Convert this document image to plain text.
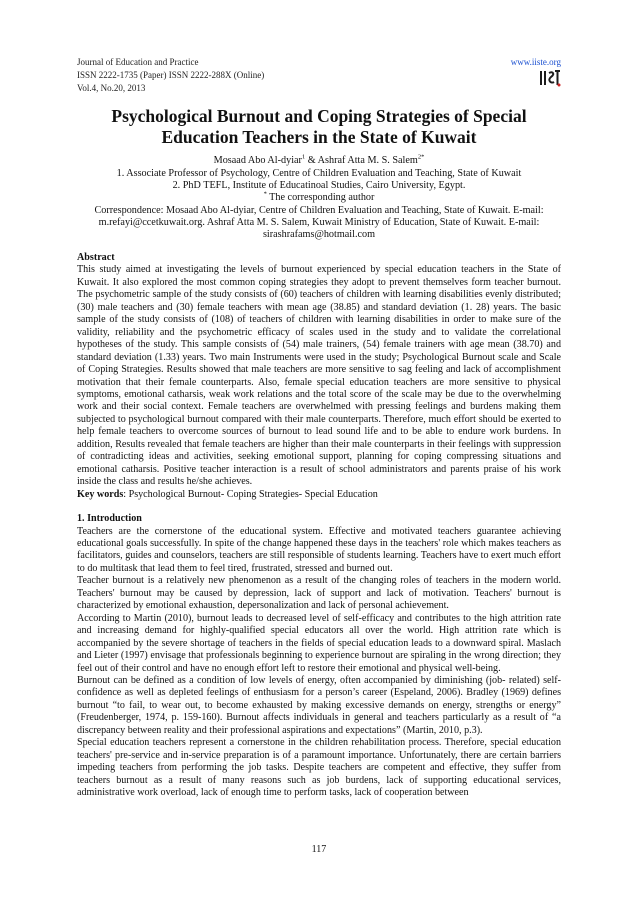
Journal of Education and Practice
ISSN 2222-1735 (Paper) ISSN 2222-288X (Online)
Vol.4, No.20, 2013
www.iiste.org
Psychological Burnout and Coping Strategies of Special Education Teachers in the State of Kuwait
Mosaad Abo Al-dyiar$^1$ & Ashraf Atta M. S. Salem$^{2*}$

1. Associate Professor of Psychology, Centre of Children Evaluation and Teaching, State of Kuwait

2. PhD TEFL, Institute of Educatinoal Studies, Cairo University, Egypt.

* The corresponding author

Correspondence: Mosaad Abo Al-dyiar, Centre of Children Evaluation and Teaching, State of Kuwait. E-mail: m.refayi@ccetkuwait.org. Ashraf Atta M. S. Salem, Kuwait Ministry of Education, State of Kuwait. E-mail: sirashrafams@hotmail.com

Abstract

This study aimed at investigating the levels of burnout experienced by special education teachers in the State of Kuwait. It also explored the most common coping strategies they adopt to prevent themselves form teacher burnout. The psychometric sample of the study consists of (60) teachers of children with learning disabilities evenly distributed; (30) male teachers and (30) female teachers with mean age (38.85) and standard deviation (1. 28) years. The basic sample of the study consists of (108) of teachers of children with learning disabilities in order to make sure of the validity, reliability and the psychometric efficacy of scales used in the study and to validate the correlational hypotheses of the study. This sample consists of (54) male trainers, (54) female trainers with age mean (38.70) and standard deviation (1.33) years. Two main Instruments were used in the study; Psychological Burnout scale and Scale of Coping Strategies. Results showed that male teachers are more sensitive to sag feeling and lack of accomplishment motivation that their female counterparts. Also, female special education teachers are more sensitive to physical symptoms, emotional catharsis, weak work relations and the total score of the scale may be due to the overwhelming work and their social context. Female teachers are overwhelmed with pressing feelings and burdens making them subjected to psychological burnout compared with their male counterparts. Therefore, much effort should be exerted to help female teachers to overcome sources of burnout to lead sound life and to be able to endure work burdens. In addition, Results revealed that female teachers are higher than their male counterparts in their feelings with suppression of contradicting ideas and activities, seeking emotional support, planning for coping compressing situations and emotional catharsis. Positive teacher interaction is a result of school administrators and parents praise of his work inside the class and results he/she achieves.

Key words: Psychological Burnout- Coping Strategies- Special Education

1. Introduction

Teachers are the cornerstone of the educational system. Effective and motivated teachers guarantee achieving educational goals successfully. In spite of the change happened these days in the teachers' role which makes teachers as facilitators, guides and counselors, teachers are still responsible of students learning. Teachers have to exert much effort to do multitask that lead them to feel tired, frustrated, stressed and burned out.

Teacher burnout is a relatively new phenomenon as a result of the changing roles of teachers in the modern world. Teachers' burnout may be caused by depression, lack of support and lack of motivation. Teachers' burnout is characterized by emotional exhaustion, depersonalization and lack of personal achievement.

According to Martin (2010), burnout leads to decreased level of self-efficacy and contributes to the high attrition rate and increasing demand for highly-qualified special educators all over the world. High attrition rate which is accompanied by the severe shortage of teachers in the fields of special education leads to a downward spiral. Maslach and Lieter (1997) envisage that professionals beginning to experience burnout are spiraling in the wrong direction; they feel out of their control and have no enough effort left to restore their emotional and physical well-being.

Burnout can be defined as a condition of low levels of energy, often accompanied by diminishing (job- related) self-confidence as well as depleted feelings of enthusiasm for a person’s career (Espeland, 2006). Bradley (1969) defines burnout “to fail, to wear out, to become exhausted by making excessive demands on energy, strengths or energy” (Freudenberger, 1974, p. 159-160). Burnout affects individuals in general and teachers particularly as a result of “a discrepancy between reality and their professional aspirations and expectations” (Martin, 2010, p.3).

Special education teachers represent a cornerstone in the children rehabilitation process. Therefore, special education teachers' pre-service and in-service preparation is of a paramount importance. Unfortunately, there are certain barriers impeding teachers from performing the job tasks. Despite teachers are competent and effective, they suffer from teachers burnout as a result of many reasons such as job burdens, lack of supporting educational services, administrative work overload, lack of enough time to perform tasks, lack of cooperation between

117
